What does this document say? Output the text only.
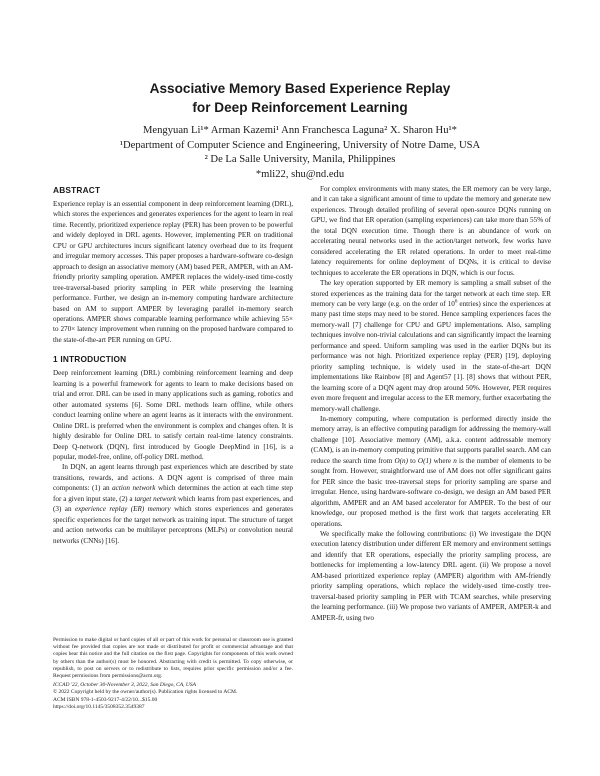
Associative Memory Based Experience Replay
for Deep Reinforcement Learning
Mengyuan Li¹* Arman Kazemi¹ Ann Franchesca Laguna² X. Sharon Hu¹*
¹Department of Computer Science and Engineering, University of Notre Dame, USA
² De La Salle University, Manila, Philippines
*mli22, shu@nd.edu
ABSTRACT

Experience replay is an essential component in deep reinforcement learning (DRL), which stores the experiences and generates experiences for the agent to learn in real time. Recently, prioritized experience replay (PER) has been proven to be powerful and widely deployed in DRL agents. However, implementing PER on traditional CPU or GPU architectures incurs significant latency overhead due to its frequent and irregular memory accesses. This paper proposes a hardware-software co-design approach to design an associative memory (AM) based PER, AMPER, with an AM-friendly priority sampling operation. AMPER replaces the widely-used time-costly tree-traversal-based priority sampling in PER while preserving the learning performance. Further, we design an in-memory computing hardware architecture based on AM to support AMPER by leveraging parallel in-memory search operations. AMPER shows comparable learning performance while achieving 55× to 270× latency improvement when running on the proposed hardware compared to the state-of-the-art PER running on GPU.

1 INTRODUCTION

Deep reinforcement learning (DRL) combining reinforcement learning and deep learning is a powerful framework for agents to learn to make decisions based on trial and error. DRL can be used in many applications such as gaming, robotics and other automated systems [6]. Some DRL methods learn offline, while others conduct learning online where an agent learns as it interacts with the environment. Online DRL is preferred when the environment is complex and changes often. It is highly desirable for Online DRL to satisfy certain real-time latency constraints. Deep Q-network (DQN), first introduced by Google DeepMind in [16], is a popular, model-free, online, off-policy DRL method.

In DQN, an agent learns through past experiences which are described by state transitions, rewards, and actions. A DQN agent is comprised of three main components: (1) an action network which determines the action at each time step for a given input state, (2) a target network which learns from past experiences, and (3) an experience replay (ER) memory which stores experiences and generates specific experiences for the target network as training input. The structure of target and action networks can be multilayer perceptrons (MLPs) or convolution neural networks (CNNs) [16].

Permission to make digital or hard copies of all or part of this work for personal or classroom use is granted without fee provided that copies are not made or distributed for profit or commercial advantage and that copies bear this notice and the full citation on the first page. Copyrights for components of this work owned by others than the author(s) must be honored. Abstracting with credit is permitted. To copy otherwise, or republish, to post on servers or to redistribute to lists, requires prior specific permission and/or a fee. Request permissions from permissions@acm.org.

ICCAD '22, October 30-November 3, 2022, San Diego, CA, USA
© 2022 Copyright held by the owner/author(s). Publication rights licensed to ACM.
ACM ISBN 978-1-4503-9217-4/22/10...$15.00
https://doi.org/10.1145/3508352.3549387

For complex environments with many states, the ER memory can be very large, and it can take a significant amount of time to update the memory and generate new experiences. Through detailed profiling of several open-source DQNs running on GPU, we find that ER operation (sampling experiences) can take more than 55% of the total DQN execution time. Though there is an abundance of work on accelerating neural networks used in the action/target network, few works have considered accelerating the ER related operations. In order to meet real-time latency requirements for online deployment of DQNs, it is critical to devise techniques to accelerate the ER operations in DQN, which is our focus.

The key operation supported by ER memory is sampling a small subset of the stored experiences as the training data for the target network at each time step. ER memory can be very large (e.g. on the order of $10^6$ entries) since the experiences at many past time steps may need to be stored. Hence sampling experiences faces the memory-wall [7] challenge for CPU and GPU implementations. Also, sampling techniques involve non-trivial calculations and can significantly impact the learning performance and speed. Uniform sampling was used in the earlier DQNs but its performance was not high. Prioritized experience replay (PER) [19], deploying priority sampling technique, is widely used in the state-of-the-art DQN implementations like Rainbow [8] and Agent57 [1]. [8] shows that without PER, the learning score of a DQN agent may drop around 50%. However, PER requires even more frequent and irregular access to the ER memory, further exacerbating the memory-wall challenge.

In-memory computing, where computation is performed directly inside the memory array, is an effective computing paradigm for addressing the memory-wall challenge [10]. Associative memory (AM), a.k.a. content addressable memory (CAM), is an in-memory computing primitive that supports parallel search. AM can reduce the search time from O(n) to O(1) where n is the number of elements to be sought from. However, straightforward use of AM does not offer significant gains for PER since the basic tree-traversal steps for priority sampling are sparse and irregular. Hence, using hardware-software co-design, we design an AM based PER algorithm, AMPER and an AM based accelerator for AMPER. To the best of our knowledge, our proposed method is the first work that targets accelerating ER operations.

We specifically make the following contributions: (i) We investigate the DQN execution latency distribution under different ER memory and environment settings and identify that ER operations, especially the priority sampling process, are bottlenecks for implementing a low-latency DRL agent. (ii) We propose a novel AM-based prioritized experience replay (AMPER) algorithm with AM-friendly priority sampling operations, which replace the widely-used time-costly tree-traversal-based priority sampling in PER with TCAM searches, while preserving the learning performance. (iii) We propose two variants of AMPER, AMPER-k and AMPER-fr, using two
